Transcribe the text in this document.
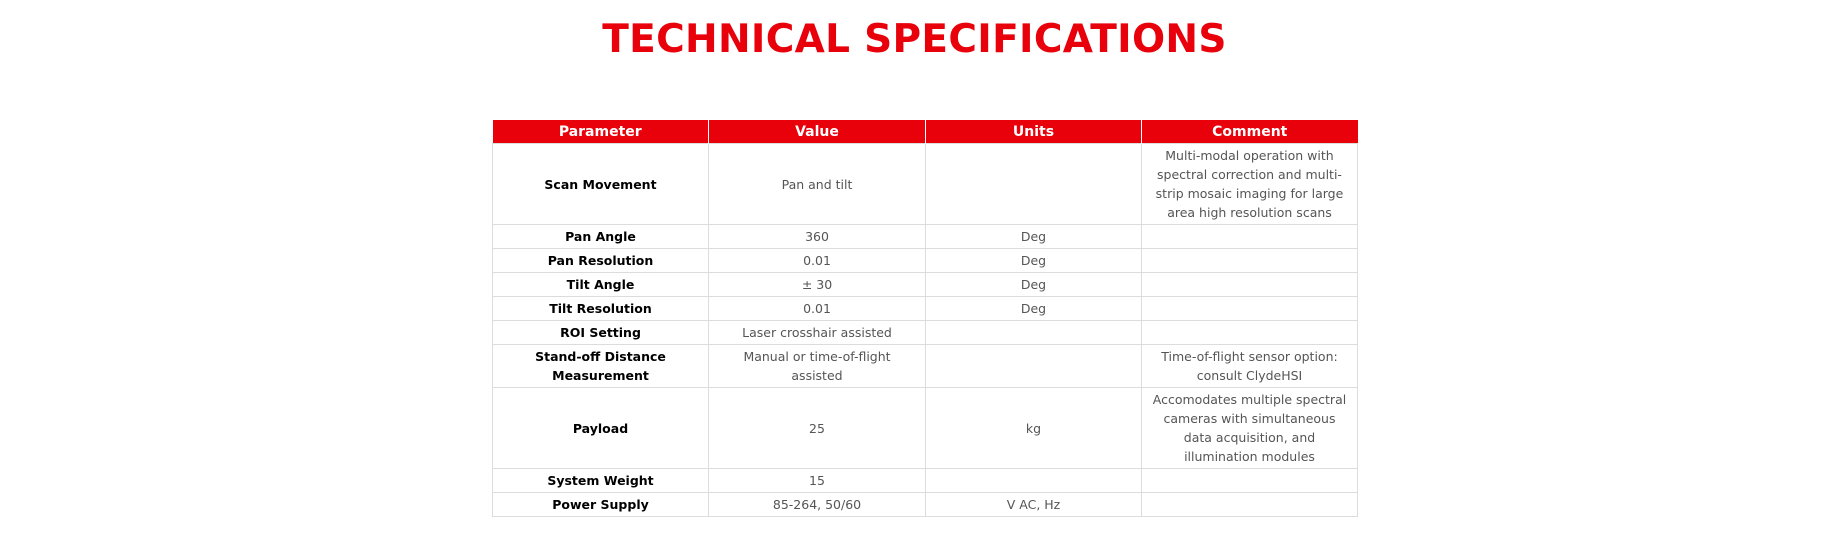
TECHNICAL SPECIFICATIONS
Parameter	Value	Units	Comment
Scan Movement	Pan and tilt		Multi-modal operation with spectral correction and multi-strip mosaic imaging for large area high resolution scans
Pan Angle	360	Deg	
Pan Resolution	0.01	Deg	
Tilt Angle	± 30	Deg	
Tilt Resolution	0.01	Deg	
ROI Setting	Laser crosshair assisted		
Stand-off Distance Measurement	Manual or time-of-flight assisted		Time-of-flight sensor option: consult ClydeHSI
Payload	25	kg	Accomodates multiple spectral cameras with simultaneous data acquisition, and illumination modules
System Weight	15		
Power Supply	85-264, 50/60	V AC, Hz	
